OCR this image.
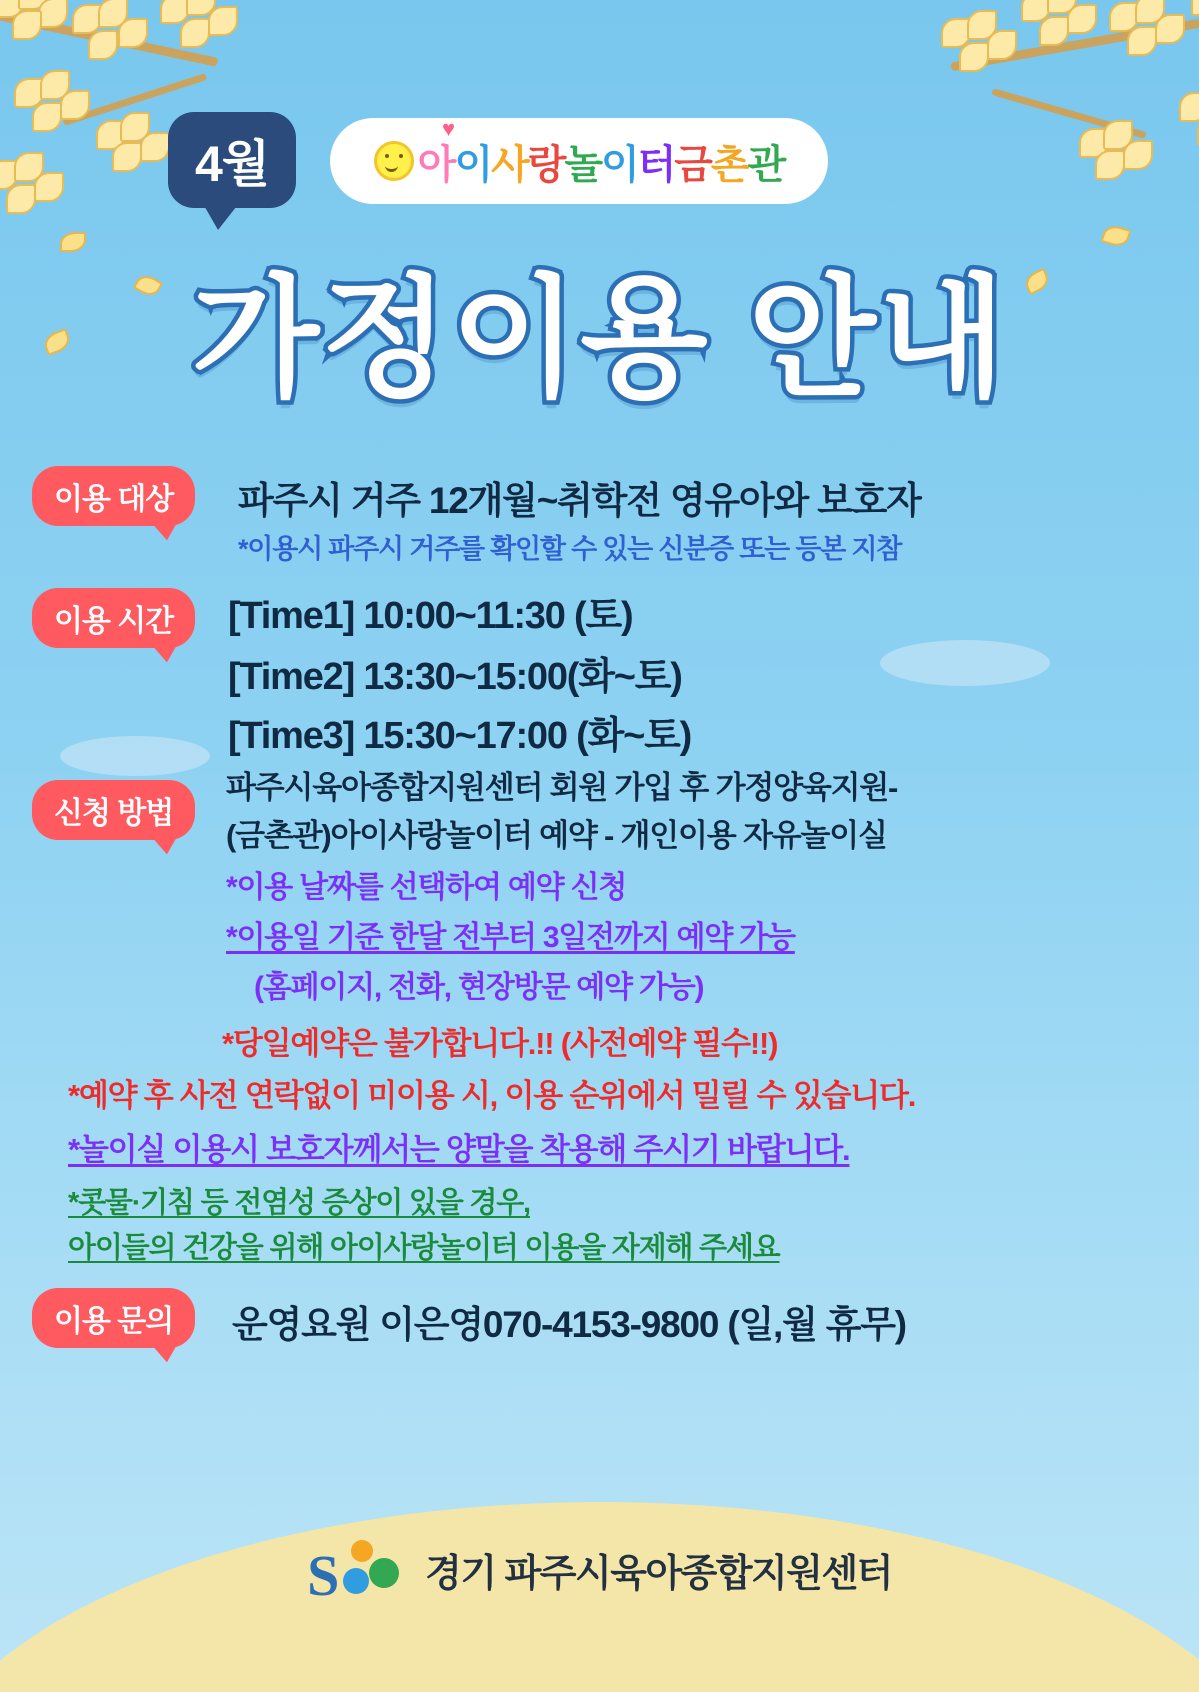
4월	아이사랑놀이터금촌관
♥
가정이용 안내
이용 대상	파주시 거주 12개월~취학전 영유아와 보호자
*이용시 파주시 거주를 확인할 수 있는 신분증 또는 등본 지참
이용 시간	[Time1] 10:00~11:30 (토)
[Time2] 13:30~15:00(화~토)
[Time3] 15:30~17:00 (화~토)
신청 방법
파주시육아종합지원센터 회원 가입 후 가정양육지원-
(금촌관)아이사랑놀이터 예약 - 개인이용 자유놀이실
*이용 날짜를 선택하여 예약 신청
*이용일 기준 한달 전부터 3일전까지 예약 가능
(홈페이지, 전화, 현장방문 예약 가능)
*당일예약은 불가합니다.!! (사전예약 필수!!)
*예약 후 사전 연락없이 미이용 시, 이용 순위에서 밀릴 수 있습니다.
*놀이실 이용시 보호자께서는 양말을 착용해 주시기 바랍니다.
*콧물·기침 등 전염성 증상이 있을 경우,
아이들의 건강을 위해 아이사랑놀이터 이용을 자제해 주세요
이용 문의	운영요원 이은영070-4153-9800 (일,월 휴무)
S 경기 파주시육아종합지원센터
